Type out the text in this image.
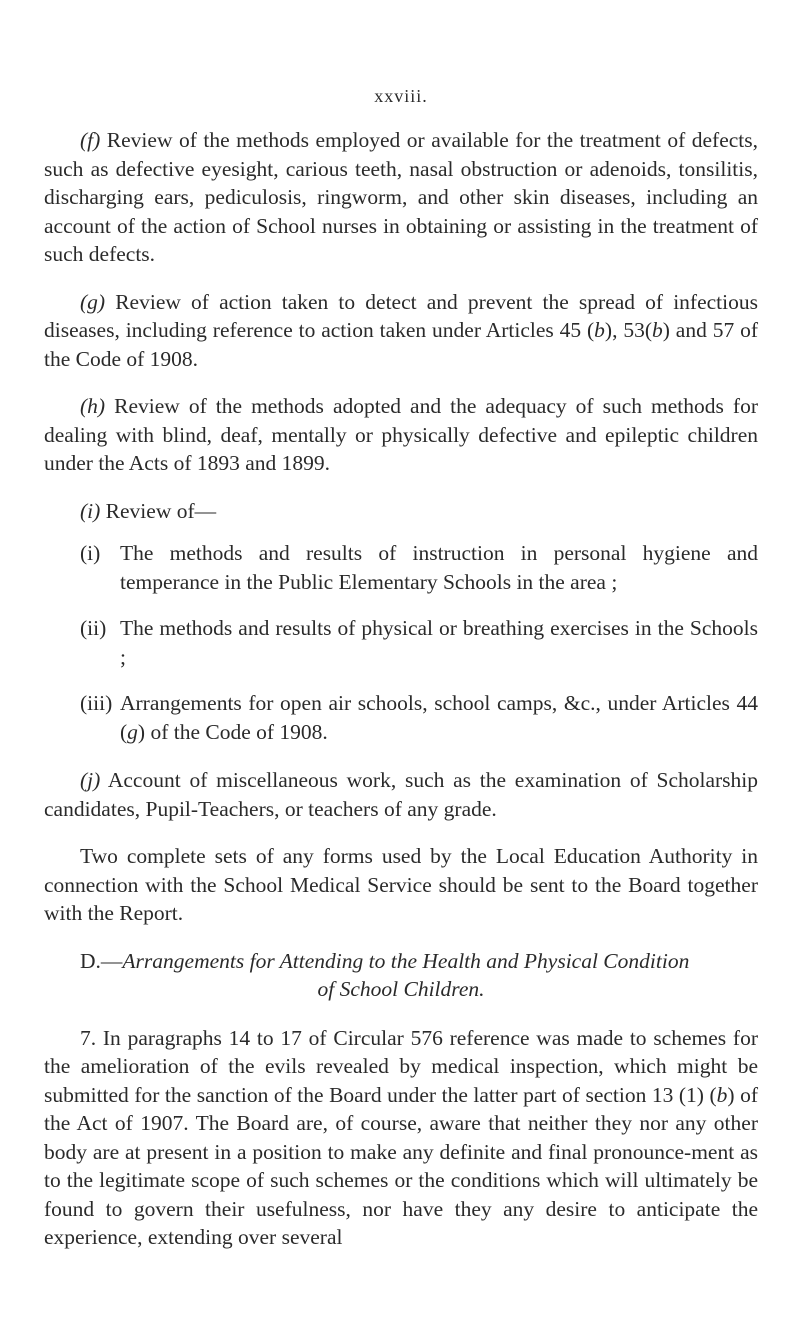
xxviii.

(f) Review of the methods employed or available for the treatment of defects, such as defective eyesight, carious teeth, nasal obstruction or adenoids, tonsilitis, discharging ears, pediculosis, ringworm, and other skin diseases, including an account of the action of School nurses in obtaining or assisting in the treatment of such defects.

(g) Review of action taken to detect and prevent the spread of infectious diseases, including reference to action taken under Articles 45 (b), 53(b) and 57 of the Code of 1908.

(h) Review of the methods adopted and the adequacy of such methods for dealing with blind, deaf, mentally or physically defective and epileptic children under the Acts of 1893 and 1899.

(i) Review of—

(i) The methods and results of instruction in personal hygiene and temperance in the Public Elementary Schools in the area ;

(ii) The methods and results of physical or breathing exercises in the Schools ;

(iii) Arrangements for open air schools, school camps, &c., under Articles 44 (g) of the Code of 1908.

(j) Account of miscellaneous work, such as the examination of Scholarship candidates, Pupil-Teachers, or teachers of any grade.

Two complete sets of any forms used by the Local Education Authority in connection with the School Medical Service should be sent to the Board together with the Report.

D.—Arrangements for Attending to the Health and Physical Condition

of School Children.

7. In paragraphs 14 to 17 of Circular 576 reference was made to schemes for the amelioration of the evils revealed by medical inspection, which might be submitted for the sanction of the Board under the latter part of section 13 (1) (b) of the Act of 1907. The Board are, of course, aware that neither they nor any other body are at present in a position to make any definite and final pronounce-ment as to the legitimate scope of such schemes or the conditions which will ultimately be found to govern their usefulness, nor have they any desire to anticipate the experience, extending over several
